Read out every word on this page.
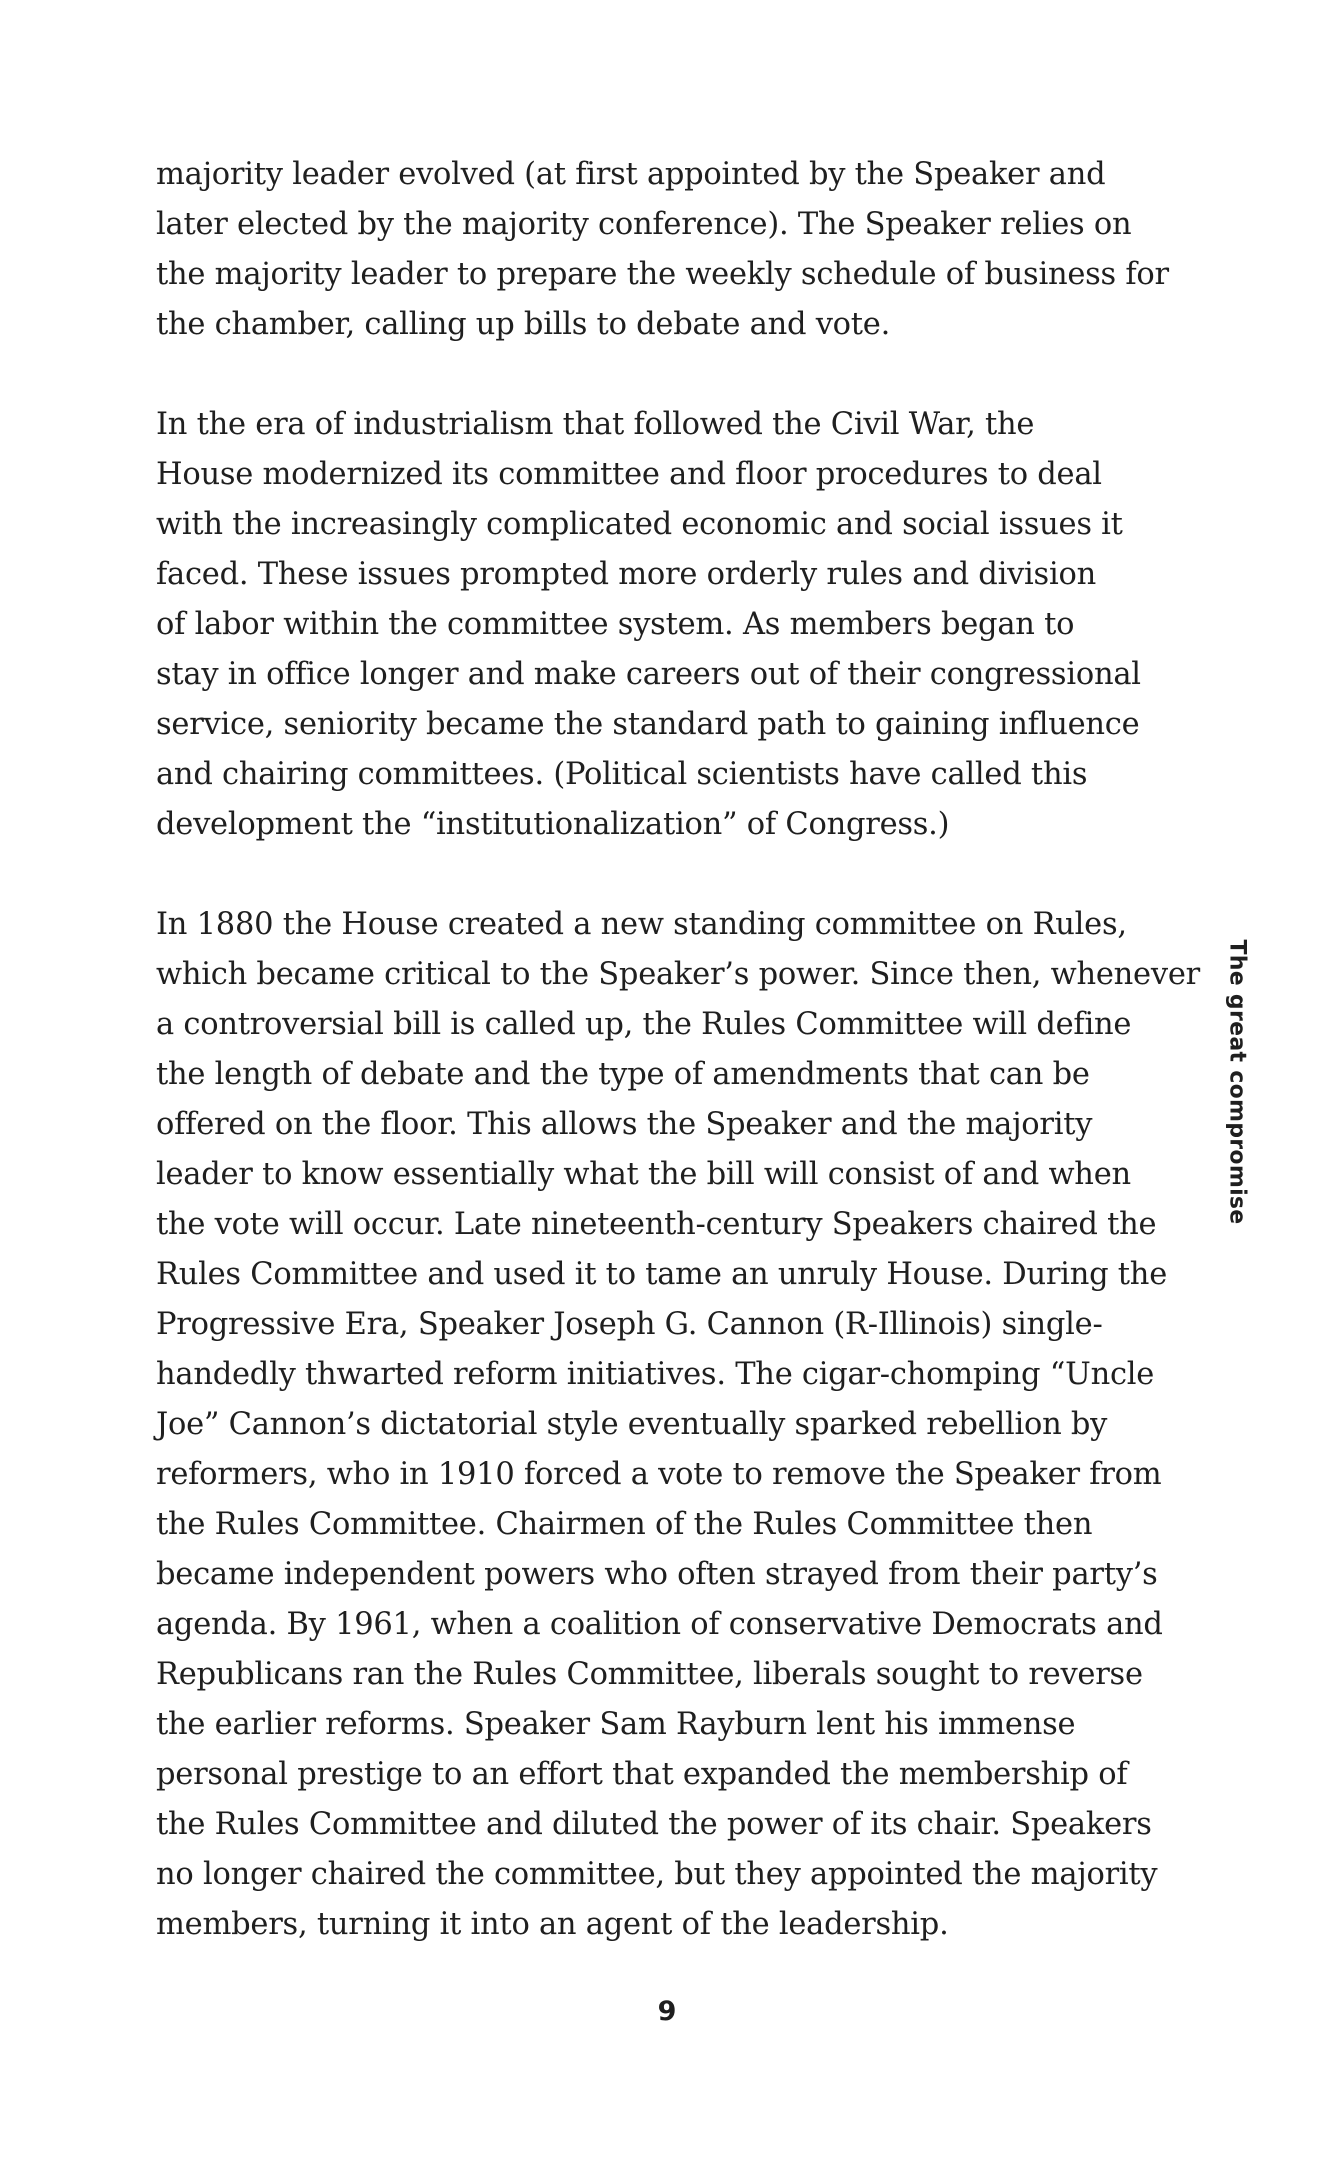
majority leader evolved (at first appointed by the Speaker and
later elected by the majority conference). The Speaker relies on
the majority leader to prepare the weekly schedule of business for
the chamber, calling up bills to debate and vote.
In the era of industrialism that followed the Civil War, the
House modernized its committee and floor procedures to deal
with the increasingly complicated economic and social issues it
faced. These issues prompted more orderly rules and division
of labor within the committee system. As members began to
stay in office longer and make careers out of their congressional
service, seniority became the standard path to gaining influence
and chairing committees. (Political scientists have called this
development the “institutionalization” of Congress.)
In 1880 the House created a new standing committee on Rules,
which became critical to the Speaker’s power. Since then, whenever
a controversial bill is called up, the Rules Committee will define
the length of debate and the type of amendments that can be
offered on the floor. This allows the Speaker and the majority
leader to know essentially what the bill will consist of and when
the vote will occur. Late nineteenth-century Speakers chaired the
Rules Committee and used it to tame an unruly House. During the
Progressive Era, Speaker Joseph G. Cannon (R-Illinois) single-
handedly thwarted reform initiatives. The cigar-chomping “Uncle
Joe” Cannon’s dictatorial style eventually sparked rebellion by
reformers, who in 1910 forced a vote to remove the Speaker from
the Rules Committee. Chairmen of the Rules Committee then
became independent powers who often strayed from their party’s
agenda. By 1961, when a coalition of conservative Democrats and
Republicans ran the Rules Committee, liberals sought to reverse
the earlier reforms. Speaker Sam Rayburn lent his immense
personal prestige to an effort that expanded the membership of
the Rules Committee and diluted the power of its chair. Speakers
no longer chaired the committee, but they appointed the majority
members, turning it into an agent of the leadership.
The great compromise
9
